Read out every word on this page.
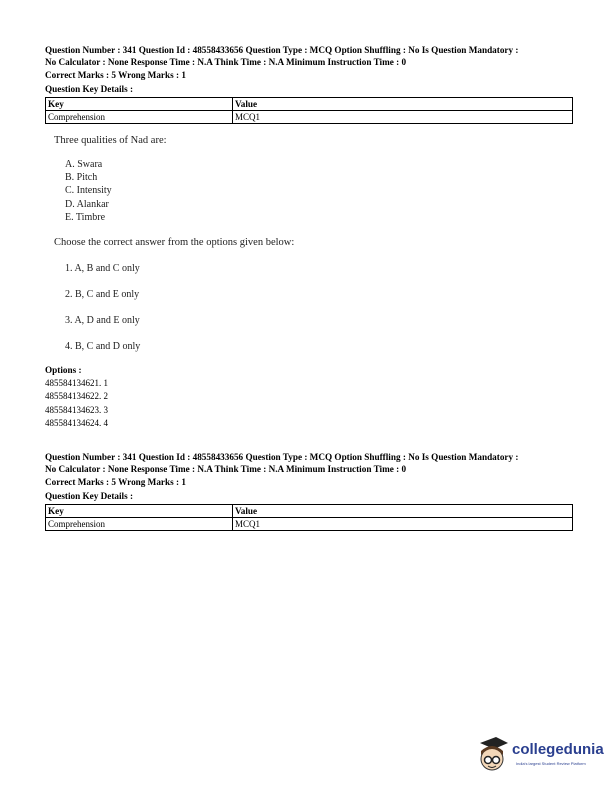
Question Number : 341 Question Id : 48558433656 Question Type : MCQ Option Shuffling : No Is Question Mandatory :
No Calculator : None Response Time : N.A Think Time : N.A Minimum Instruction Time : 0
Correct Marks : 5 Wrong Marks : 1
Question Key Details :
Key	Value
Comprehension	MCQ1
Three qualities of Nad are:
A. Swara
B. Pitch
C. Intensity
D. Alankar
E. Timbre
Choose the correct answer from the options given below:
1. A, B and C only
2. B, C and E only
3. A, D and E only
4. B, C and D only
Options :
485584134621. 1
485584134622. 2
485584134623. 3
485584134624. 4
Question Number : 341 Question Id : 48558433656 Question Type : MCQ Option Shuffling : No Is Question Mandatory :
No Calculator : None Response Time : N.A Think Time : N.A Minimum Instruction Time : 0
Correct Marks : 5 Wrong Marks : 1
Question Key Details :
Key	Value
Comprehension	MCQ1
collegedunia
India's largest Student Review Platform
